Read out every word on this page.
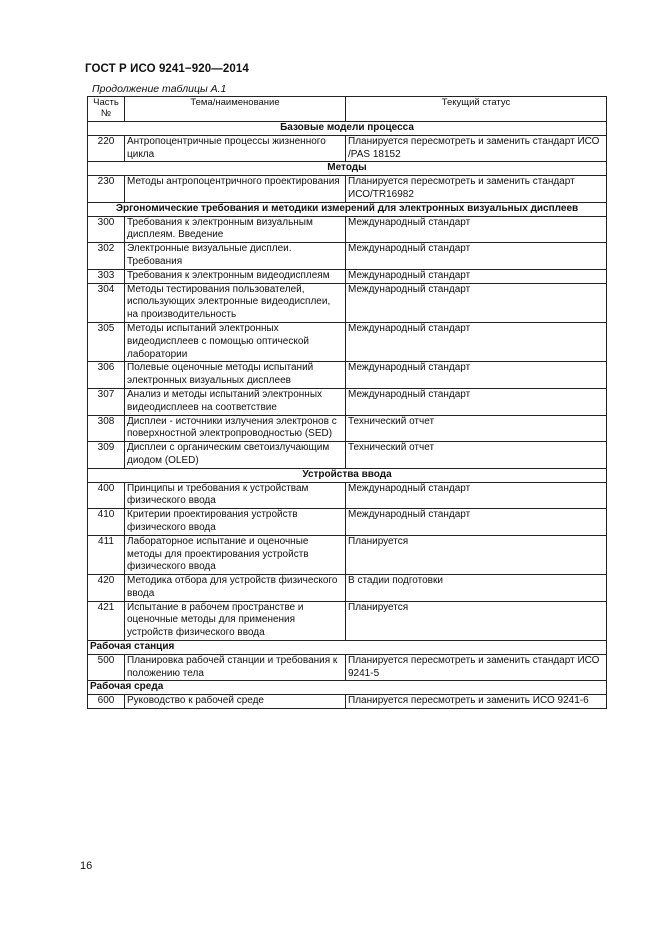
ГОСТ Р ИСО 9241−920—2014
Продолжение таблицы А.1
Часть №	Тема/наименование	Текущий статус
Базовые модели процесса		
220	Антропоцентричные процессы жизненного цикла	Планируется пересмотреть и заменить стандарт ИСО /PAS 18152
Методы		
230	Методы антропоцентричного проектирования	Планируется пересмотреть и заменить стандарт ИСО/TR16982
Эргономические требования и методики измерений для электронных визуальных дисплеев		
300	Требования к электронным визуальным дисплеям. Введение	Международный стандарт
302	Электронные визуальные дисплеи. Требования	Международный стандарт
303	Требования к электронным видеодисплеям	Международный стандарт
304	Методы тестирования пользователей, использующих электронные видеодисплеи, на производительность	Международный стандарт
305	Методы испытаний электронных видеодисплеев с помощью оптической лаборатории	Международный стандарт
306	Полевые оценочные методы испытаний электронных визуальных дисплеев	Международный стандарт
307	Анализ и методы испытаний электронных видеодисплеев на соответствие	Международный стандарт
308	Дисплеи - источники излучения электронов с поверхностной электропроводностью (SED)	Технический отчет
309	Дисплеи с органическим светоизлучающим диодом (OLED)	Технический отчет
Устройства ввода		
400	Принципы и требования к устройствам физического ввода	Международный стандарт
410	Критерии проектирования устройств физического ввода	Международный стандарт
411	Лабораторное испытание и оценочные методы для проектирования устройств физического ввода	Планируется
420	Методика отбора для устройств физического ввода	В стадии подготовки
421	Испытание в рабочем пространстве и оценочные методы для применения устройств физического ввода	Планируется
Рабочая станция		
500	Планировка рабочей станции и требования к положению тела	Планируется пересмотреть и заменить стандарт ИСО 9241-5
Рабочая среда		
600	Руководство к рабочей среде	Планируется пересмотреть и заменить ИСО 9241-6
16
